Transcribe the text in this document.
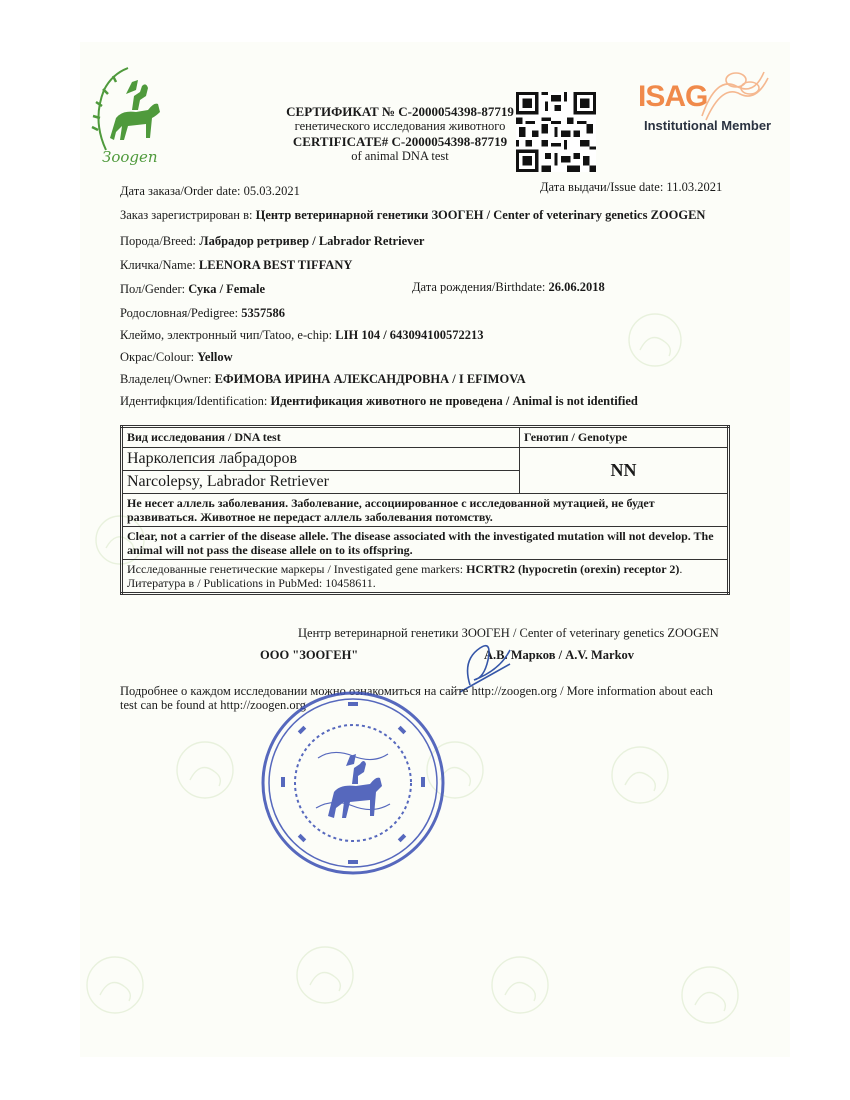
Зоogen
СЕРТИФИКАТ № С-2000054398-87719
генетического исследования животного
CERTIFICATE# С-2000054398-87719
of animal DNA test
ISAG
Institutional Member
Дата заказа/Order date: 05.03.2021	Дата выдачи/Issue date: 11.03.2021
Заказ зарегистрирован в: Центр ветеринарной генетики ЗООГЕН / Center of veterinary genetics ZOOGEN
Порода/Breed: Лабрадор ретривер / Labrador Retriever
Кличка/Name: LEENORA BEST TIFFANY
Пол/Gender: Сука / Female	Дата рождения/Birthdate: 26.06.2018
Родословная/Pedigree: 5357586
Клеймо, электронный чип/Tatoo, e-chip: LIH 104 / 643094100572213
Окрас/Colour: Yellow
Владелец/Owner: ЕФИМОВА ИРИНА АЛЕКСАНДРОВНА / I EFIMOVA
Идентифкция/Identification: Идентификация животного не проведена / Animal is not identified
Вид исследования / DNA test	Генотип / Genotype
Нарколепсия лабрадоров	NN
Narcolepsy, Labrador Retriever	
Не несет аллель заболевания. Заболевание, ассоциированное с исследованной мутацией, не будет развиваться. Животное не передаст аллель заболевания потомству.	
Clear, not a carrier of the disease allele. The disease associated with the investigated mutation will not develop. The animal will not pass the disease allele on to its offspring.	
Исследованные генетические маркеры / Investigated gene markers: HCRTR2 (hypocretin (orexin) receptor 2).
Литература в / Publications in PubMed: 10458611.	
Центр ветеринарной генетики ЗООГЕН / Center of veterinary genetics ZOOGEN
ООО "ЗООГЕН"	А.В. Марков / A.V. Markov
Подробнее о каждом исследовании можно ознакомиться на сайте http://zoogen.org / More information about each test can be found at http://zoogen.org
